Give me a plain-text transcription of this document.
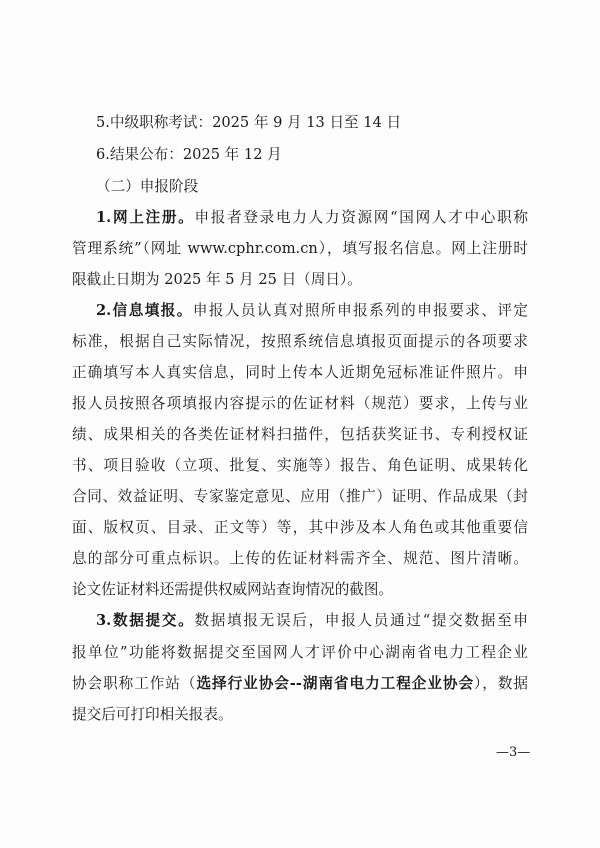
5.中级职称考试：2025 年 9 月 13 日至 14 日
6.结果公布：2025 年 12 月
（二）申报阶段
1.网上注册。申报者登录电力人力资源网“国网人才中心职称
管理系统”（网址 www.cphr.com.cn），填写报名信息。网上注册时
限截止日期为 2025 年 5 月 25 日（周日）。
2.信息填报。申报人员认真对照所申报系列的申报要求、评定
标准，根据自己实际情况，按照系统信息填报页面提示的各项要求
正确填写本人真实信息，同时上传本人近期免冠标准证件照片。申
报人员按照各项填报内容提示的佐证材料（规范）要求，上传与业
绩、成果相关的各类佐证材料扫描件，包括获奖证书、专利授权证
书、项目验收（立项、批复、实施等）报告、角色证明、成果转化
合同、效益证明、专家鉴定意见、应用（推广）证明、作品成果（封
面、版权页、目录、正文等）等，其中涉及本人角色或其他重要信
息的部分可重点标识。上传的佐证材料需齐全、规范、图片清晰。
论文佐证材料还需提供权威网站查询情况的截图。
3.数据提交。数据填报无误后，申报人员通过“提交数据至申
报单位”功能将数据提交至国网人才评价中心湖南省电力工程企业
协会职称工作站（选择行业协会--湖南省电力工程企业协会），数据
提交后可打印相关报表。
—3—
